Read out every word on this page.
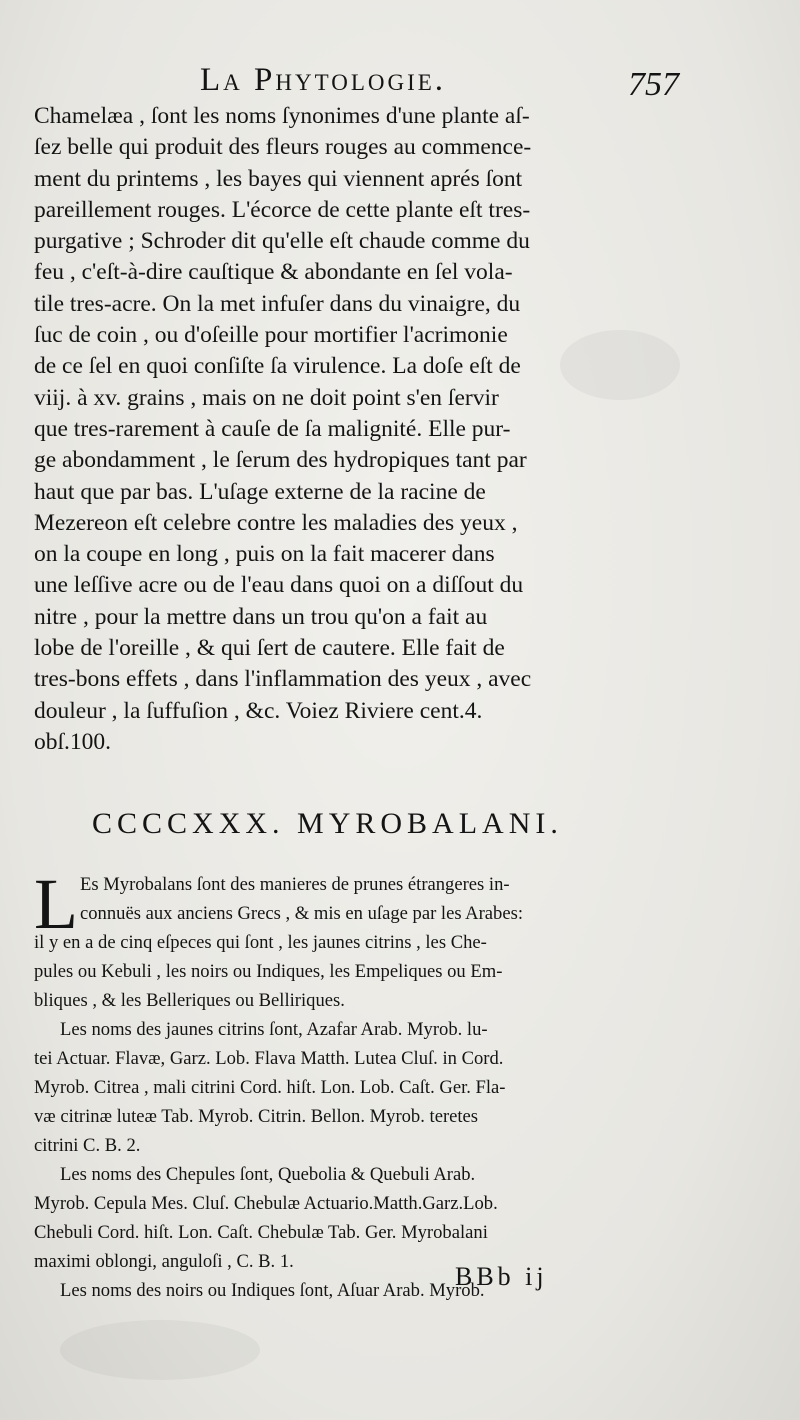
La Phytologie.	757
Chamelæa , ſont les noms ſynonimes d'une plante aſ-
ſez belle qui produit des fleurs rouges au commence-
ment du printems , les bayes qui viennent aprés ſont
pareillement rouges. L'écorce de cette plante eſt tres-
purgative ; Schroder dit qu'elle eſt chaude comme du
feu , c'eſt-à-dire cauſtique & abondante en ſel vola-
tile tres-acre. On la met infuſer dans du vinaigre, du
ſuc de coin , ou d'oſeille pour mortifier l'acrimonie
de ce ſel en quoi conſiſte ſa virulence. La doſe eſt de
viij. à xv. grains , mais on ne doit point s'en ſervir
que tres-rarement à cauſe de ſa malignité. Elle pur-
ge abondamment , le ſerum des hydropiques tant par
haut que par bas. L'uſage externe de la racine de
Mezereon eſt celebre contre les maladies des yeux ,
on la coupe en long , puis on la fait macerer dans
une leſſive acre ou de l'eau dans quoi on a diſſout du
nitre , pour la mettre dans un trou qu'on a fait au
lobe de l'oreille , & qui ſert de cautere. Elle fait de
tres-bons effets , dans l'inflammation des yeux , avec
douleur , la ſuffuſion , &c. Voiez Riviere cent.4.
obſ.100.
CCCCXXX. MYROBALANI.
L Es Myrobalans ſont des manieres de prunes étrangeres in-
connuës aux anciens Grecs , & mis en uſage par les Arabes:
il y en a de cinq eſpeces qui ſont , les jaunes citrins , les Che-
pules ou Kebuli , les noirs ou Indiques, les Empeliques ou Em-
bliques , & les Belleriques ou Belliriques.
Les noms des jaunes citrins ſont, Azafar Arab. Myrob. lu-
tei Actuar. Flavæ, Garz. Lob. Flava Matth. Lutea Cluſ. in Cord.
Myrob. Citrea , mali citrini Cord. hiſt. Lon. Lob. Caſt. Ger. Fla-
væ citrinæ luteæ Tab. Myrob. Citrin. Bellon. Myrob. teretes
citrini C. B. 2.
Les noms des Chepules ſont, Quebolia & Quebuli Arab.
Myrob. Cepula Mes. Cluſ. Chebulæ Actuario.Matth.Garz.Lob.
Chebuli Cord. hiſt. Lon. Caſt. Chebulæ Tab. Ger. Myrobalani
maximi oblongi, anguloſi , C. B. 1.
Les noms des noirs ou Indiques ſont, Aſuar Arab. Myrob.
BBb ij
